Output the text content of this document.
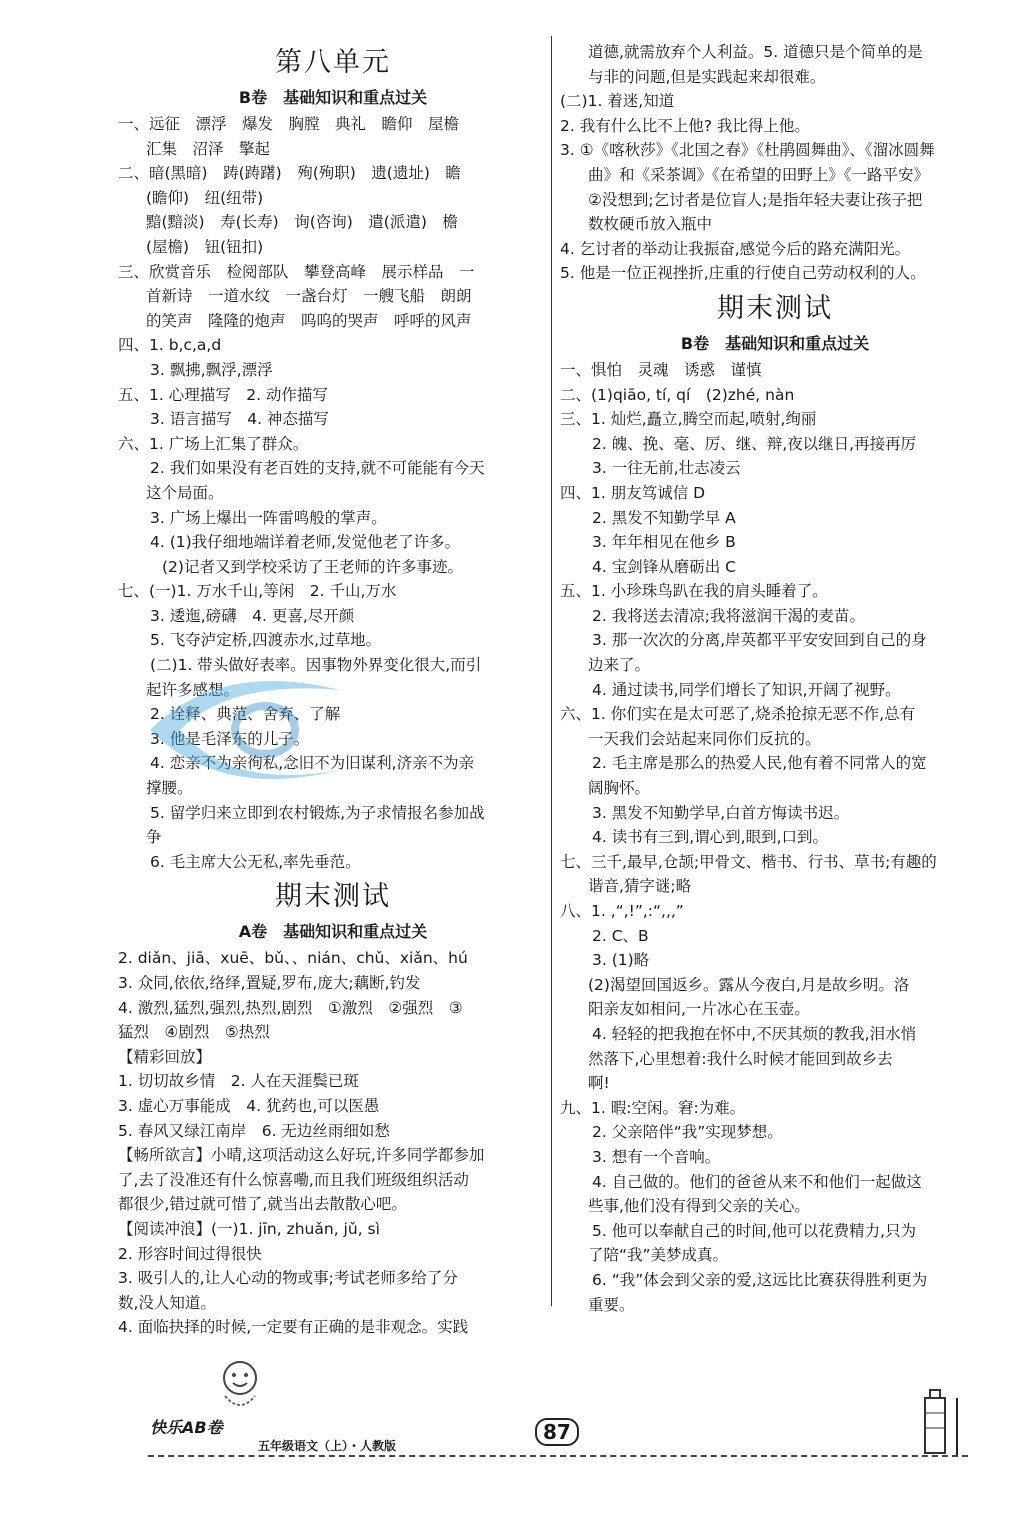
第八单元
B卷　基础知识和重点过关
一、远征　漂浮　爆发　胸膛　典礼　瞻仰　屋檐
汇集　沼泽　擎起
二、暗(黑暗)　踌(踌躇)　殉(殉职)　遗(遗址)　瞻
(瞻仰)　纽(纽带)
黯(黯淡)　寿(长寿)　询(咨询)　遣(派遣)　檐
(屋檐)　钮(钮扣)
三、欣赏音乐　检阅部队　攀登高峰　展示样品　一
首新诗　一道水纹　一盏台灯　一艘飞船　朗朗
的笑声　隆隆的炮声　呜呜的哭声　呼呼的风声
四、1. b,c,a,d
3. 飘拂,飘浮,漂浮
五、1. 心理描写　2. 动作描写
3. 语言描写　4. 神态描写
六、1. 广场上汇集了群众。
2. 我们如果没有老百姓的支持,就不可能能有今天
这个局面。
3. 广场上爆出一阵雷鸣般的掌声。
4. (1)我仔细地端详着老师,发觉他老了许多。
(2)记者又到学校采访了王老师的许多事迹。
七、(一)1. 万水千山,等闲　2. 千山,万水
3. 逶迤,磅礴　4. 更喜,尽开颜
5. 飞夺泸定桥,四渡赤水,过草地。
(二)1. 带头做好表率。因事物外界变化很大,而引
起许多感想。
2. 诠释、典范、舍弃、了解
3. 他是毛泽东的儿子。
4. 恋亲不为亲徇私,念旧不为旧谋利,济亲不为亲
撑腰。
5. 留学归来立即到农村锻炼,为子求情报名参加战
争
6. 毛主席大公无私,率先垂范。
期末测试
A卷　基础知识和重点过关
2. diǎn、jiā、xuē、bǔ、、nián、chǔ、xiǎn、hú
3. 众同,依依,络绎,置疑,罗布,庞大;藕断,钓发
4. 激烈,猛烈,强烈,热烈,剧烈　①激烈　②强烈　③
猛烈　④剧烈　⑤热烈
【精彩回放】
1. 切切故乡情　2. 人在天涯鬓已斑
3. 虚心万事能成　4. 犹药也,可以医愚
5. 春风又绿江南岸　6. 无边丝雨细如愁
【畅所欲言】小晴,这项活动这么好玩,许多同学都参加
了,去了没准还有什么惊喜嘞,而且我们班级组织活动
都很少,错过就可惜了,就当出去散散心吧。
【阅读冲浪】(一)1. jīn, zhuǎn, jǔ, sì
2. 形容时间过得很快
3. 吸引人的,让人心动的物或事;考试老师多给了分
数,没人知道。
4. 面临抉择的时候,一定要有正确的是非观念。实践
道德,就需放弃个人利益。5. 道德只是个简单的是
与非的问题,但是实践起来却很难。
(二)1. 着迷,知道
2. 我有什么比不上他? 我比得上他。
3. ①《喀秋莎》《北国之春》《杜鹃圆舞曲》、《溜冰圆舞
曲》和《采茶调》《在希望的田野上》《一路平安》
②没想到;乞讨者是位盲人;是指年轻夫妻让孩子把
数枚硬币放入瓶中
4. 乞讨者的举动让我振奋,感觉今后的路充满阳光。
5. 他是一位正视挫折,庄重的行使自己劳动权利的人。
期末测试
B卷　基础知识和重点过关
一、惧怕　灵魂　诱惑　谨慎
二、(1)qiāo, tí, qí　(2)zhé, nàn
三、1. 灿烂,矗立,腾空而起,喷射,绚丽
2. 魄、挽、毫、厉、继、辩,夜以继日,再接再厉
3. 一往无前,壮志凌云
四、1. 朋友笃诚信 D
2. 黑发不知勤学早 A
3. 年年相见在他乡 B
4. 宝剑锋从磨砺出 C
五、1. 小珍珠鸟趴在我的肩头睡着了。
2. 我将送去清凉;我将滋润干渴的麦苗。
3. 那一次次的分离,岸英都平平安安回到自己的身
边来了。
4. 通过读书,同学们增长了知识,开阔了视野。
六、1. 你们实在是太可恶了,烧杀抢掠无恶不作,总有
一天我们会站起来同你们反抗的。
2. 毛主席是那么的热爱人民,他有着不同常人的宽
阔胸怀。
3. 黑发不知勤学早,白首方悔读书迟。
4. 读书有三到,谓心到,眼到,口到。
七、三千,最早,仓颉;甲骨文、楷书、行书、草书;有趣的
谐音,猜字谜;略
八、1. ,“,!”,:“,,,”
2. C、B
3. (1)略
(2)渴望回国返乡。露从今夜白,月是故乡明。洛
阳亲友如相问,一片冰心在玉壶。
4. 轻轻的把我抱在怀中,不厌其烦的教我,泪水悄
然落下,心里想着:我什么时候才能回到故乡去
啊!
九、1. 暇:空闲。窘:为难。
2. 父亲陪伴“我”实现梦想。
3. 想有一个音响。
4. 自己做的。他们的爸爸从来不和他们一起做这
些事,他们没有得到父亲的关心。
5. 他可以奉献自己的时间,他可以花费精力,只为
了陪“我”美梦成真。
6. “我”体会到父亲的爱,这远比比赛获得胜利更为
重要。
快乐AB卷
五年级语文（上）・人教版
87
